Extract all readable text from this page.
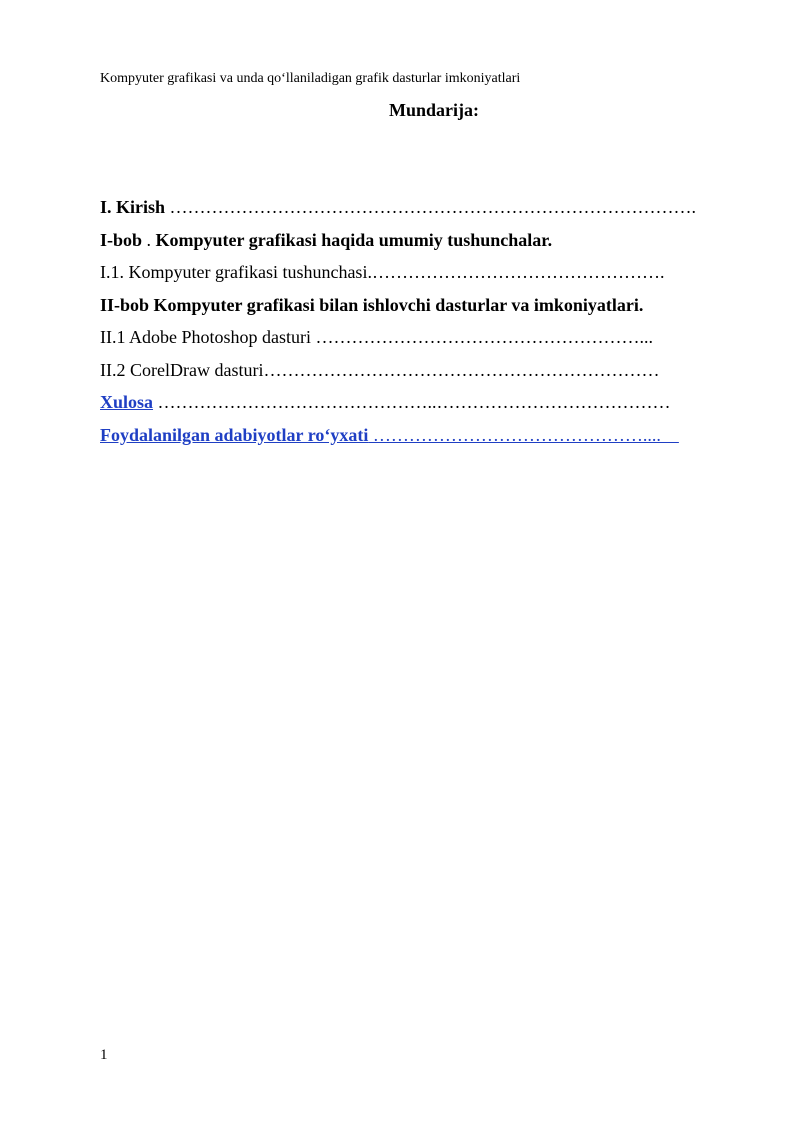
Kompyuter grafikasi va unda qo‘llaniladigan grafik dasturlar imkoniyatlari
Mundarija:
I. Kirish …………………………………………………………………………….
I-bob . Kompyuter grafikasi haqida umumiy tushunchalar.
I.1. Kompyuter grafikasi tushunchasi.………………………………………….
II-bob Kompyuter grafikasi bilan ishlovchi dasturlar va imkoniyatlari.
II.1 Adobe Photoshop dasturi ………………………………………………...
II.2 CorelDraw dasturi…………………………………………………………
Xulosa ………………………………………..…………………………………
Foydalanilgan adabiyotlar ro‘yxati ………………………………………....
1
